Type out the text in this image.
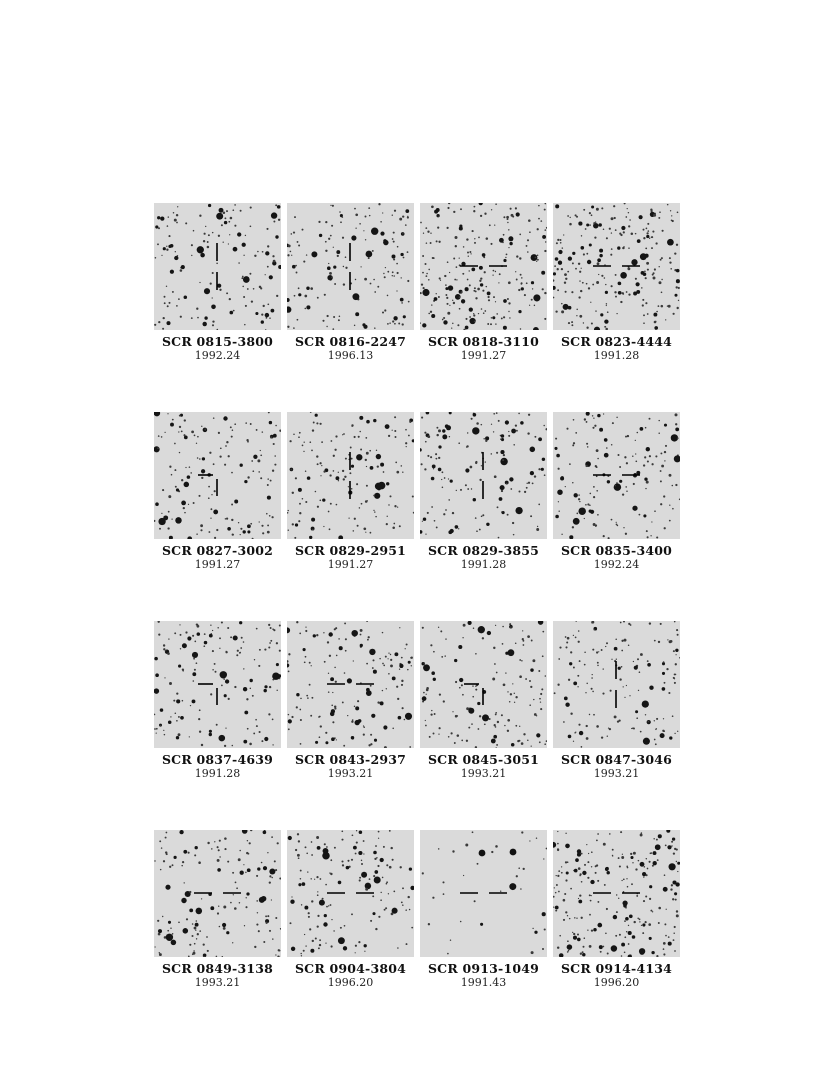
SCR 0815-3800
1992.24
SCR 0816-2247
1996.13
SCR 0818-3110
1991.27
SCR 0823-4444
1991.28
SCR 0827-3002
1991.27
SCR 0829-2951
1991.27
SCR 0829-3855
1991.28
SCR 0835-3400
1992.24
SCR 0837-4639
1991.28
SCR 0843-2937
1993.21
SCR 0845-3051
1993.21
SCR 0847-3046
1993.21
SCR 0849-3138
1993.21
SCR 0904-3804
1996.20
SCR 0913-1049
1991.43
SCR 0914-4134
1996.20
